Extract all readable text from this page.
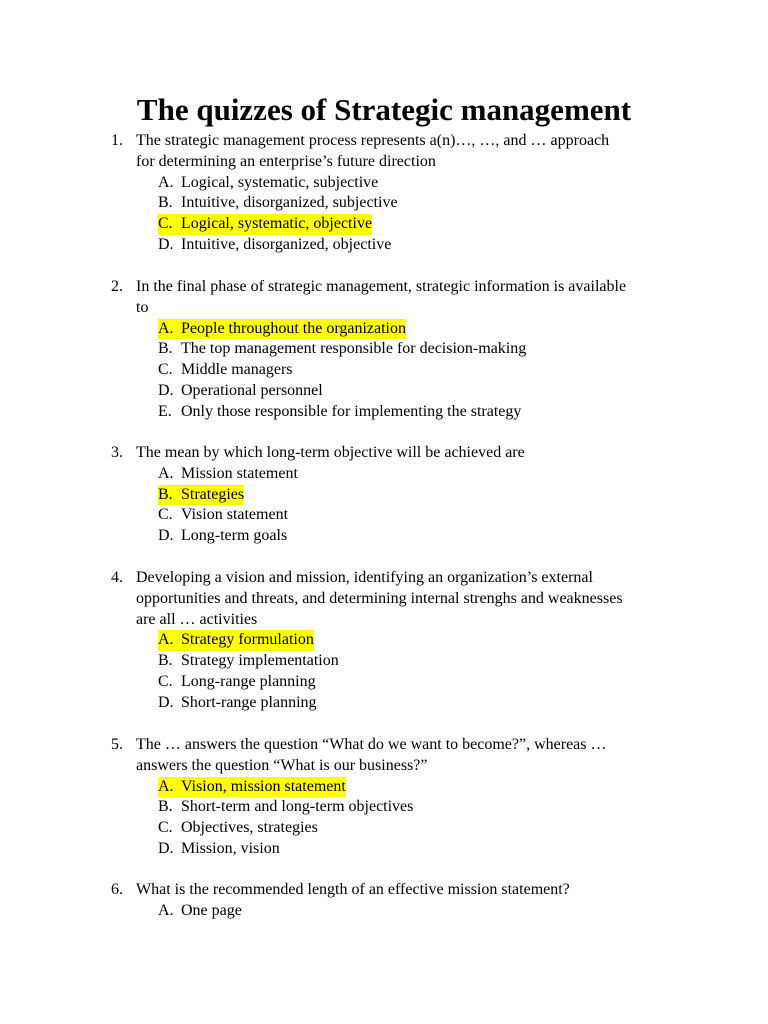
The quizzes of Strategic management
1. The strategic management process represents a(n)…, …, and … approach
for determining an enterprise’s future direction
A. Logical, systematic, subjective
B. Intuitive, disorganized, subjective
C. Logical, systematic, objective
D. Intuitive, disorganized, objective
2. In the final phase of strategic management, strategic information is available
to
A. People throughout the organization
B. The top management responsible for decision-making
C. Middle managers
D. Operational personnel
E. Only those responsible for implementing the strategy
3. The mean by which long-term objective will be achieved are
A. Mission statement
B. Strategies
C. Vision statement
D. Long-term goals
4. Developing a vision and mission, identifying an organization’s external
opportunities and threats, and determining internal strenghs and weaknesses
are all … activities
A. Strategy formulation
B. Strategy implementation
C. Long-range planning
D. Short-range planning
5. The … answers the question “What do we want to become?”, whereas …
answers the question “What is our business?”
A. Vision, mission statement
B. Short-term and long-term objectives
C. Objectives, strategies
D. Mission, vision
6. What is the recommended length of an effective mission statement?
A. One page
